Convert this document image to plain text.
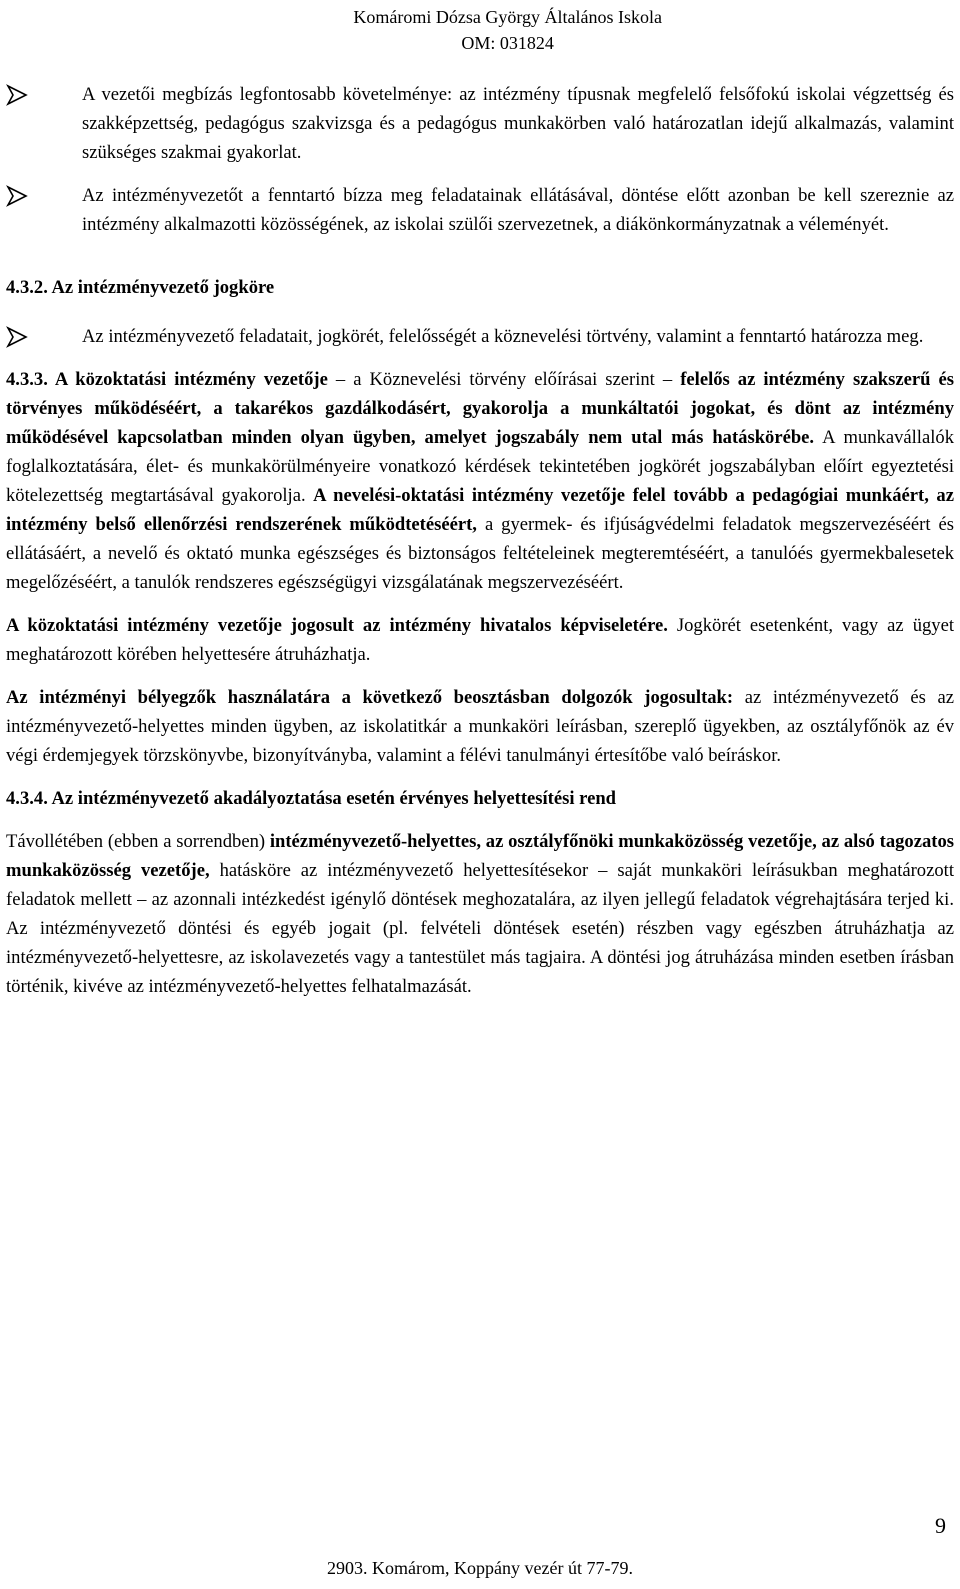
Komáromi Dózsa György Általános Iskola
OM: 031824

A vezetői megbízás legfontosabb követelménye: az intézmény típusnak megfelelő felsőfokú iskolai végzettség és szakképzettség, pedagógus szakvizsga és a pedagógus munkakörben való határozatlan idejű alkalmazás, valamint szükséges szakmai gyakorlat.

Az intézményvezetőt a fenntartó bízza meg feladatainak ellátásával, döntése előtt azonban be kell szereznie az intézmény alkalmazotti közösségének, az iskolai szülői szervezetnek, a diákönkormányzatnak a véleményét.

4.3.2. Az intézményvezető jogköre

Az intézményvezető feladatait, jogkörét, felelősségét a köznevelési törtvény, valamint a fenntartó határozza meg.

4.3.3. A közoktatási intézmény vezetője – a Köznevelési törvény előírásai szerint – felelős az intézmény szakszerű és törvényes működéséért, a takarékos gazdálkodásért, gyakorolja a munkáltatói jogokat, és dönt az intézmény működésével kapcsolatban minden olyan ügyben, amelyet jogszabály nem utal más hatáskörébe. A munkavállalók foglalkoztatására, élet- és munkakörülményeire vonatkozó kérdések tekintetében jogkörét jogszabályban előírt egyeztetési kötelezettség megtartásával gyakorolja. A nevelési-oktatási intézmény vezetője felel tovább a pedagógiai munkáért, az intézmény belső ellenőrzési rendszerének működtetéséért, a gyermek- és ifjúságvédelmi feladatok megszervezéséért és ellátásáért, a nevelő és oktató munka egészséges és biztonságos feltételeinek megteremtéséért, a tanulóés gyermekbalesetek megelőzéséért, a tanulók rendszeres egészségügyi vizsgálatának megszervezéséért.

A közoktatási intézmény vezetője jogosult az intézmény hivatalos képviseletére. Jogkörét esetenként, vagy az ügyet meghatározott körében helyettesére átruházhatja.

Az intézményi bélyegzők használatára a következő beosztásban dolgozók jogosultak: az intézményvezető és az intézményvezető-helyettes minden ügyben, az iskolatitkár a munkaköri leírásban, szereplő ügyekben, az osztályfőnök az év végi érdemjegyek törzskönyvbe, bizonyítványba, valamint a félévi tanulmányi értesítőbe való beíráskor.

4.3.4. Az intézményvezető akadályoztatása esetén érvényes helyettesítési rend

Távollétében (ebben a sorrendben) intézményvezető-helyettes, az osztályfőnöki munkaközösség vezetője, az alsó tagozatos munkaközösség vezetője, hatásköre az intézményvezető helyettesítésekor – saját munkaköri leírásukban meghatározott feladatok mellett – az azonnali intézkedést igénylő döntések meghozatalára, az ilyen jellegű feladatok végrehajtására terjed ki. Az intézményvezető döntési és egyéb jogait (pl. felvételi döntések esetén) részben vagy egészben átruházhatja az intézményvezető-helyettesre, az iskolavezetés vagy a tantestület más tagjaira. A döntési jog átruházása minden esetben írásban történik, kivéve az intézményvezető-helyettes felhatalmazását.

9
2903. Komárom, Koppány vezér út 77-79.
